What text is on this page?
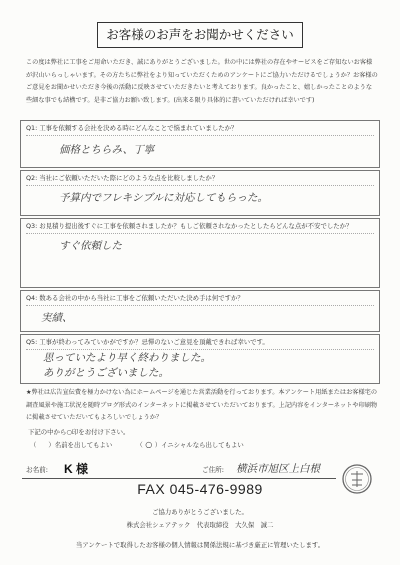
お客様のお声をお聞かせください
この度は弊社に工事をご用命いただき、誠にありがとうございました。世の中には弊社の存在やサービスをご存知ないお客様が沢山いらっしゃいます。その方たちに弊社をより知っていただくためのアンケートにご協力いただけるでしょうか？お客様のご意見をお聞かせいただき今後の活動に反映させていただきたいと考えております。良かったこと、嬉しかったことのような些細な事でも結構です。是非ご協力お願い致します。(出来る限り具体的に書いていただければ幸いです)
Q1: 工事を依頼する会社を決める時にどんなことで悩まれていましたか？
価格とちらみ、丁寧
Q2: 当社にご依頼いただいた際にどのような点を比較しましたか？
予算内でフレキシブルに対応してもらった。
Q3: お見積り提出後すぐに工事を依頼されましたか？もしご依頼されなかったとしたらどんな点が不安でしたか？
すぐ依頼した
Q4: 数ある会社の中から当社に工事をご依頼いただいた決め手は何ですか？
実績、
Q5: 工事が終わってみていかがですか？忌憚のないご意見を頂戴できれば幸いです。
思っていたより早く終わりました。
ありがとうございました。
★弊社は広告宣伝費を極力かけない為にホームページを通じた営業活動を行っております。本アンケート用紙またはお客様宅の調査風景や施工状況を随時ブログ形式のインターネットに掲載させていただいております。上記内容をインターネットや印刷物に掲載させていただいてもよろしいでしょうか？
下記の中から○印をお付け下さい。
（ ）名前を出してもよい	（ ○ ）イニシャルなら出してもよい
お名前: K 様	ご住所: 横浜市旭区上白根
FAX 045-476-9989
ご協力ありがとうございました。
株式会社シェアテック　代表取締役　大久保　誠二
当アンケートで取得したお客様の個人情報は関係法規に基づき厳正に管理いたします。
